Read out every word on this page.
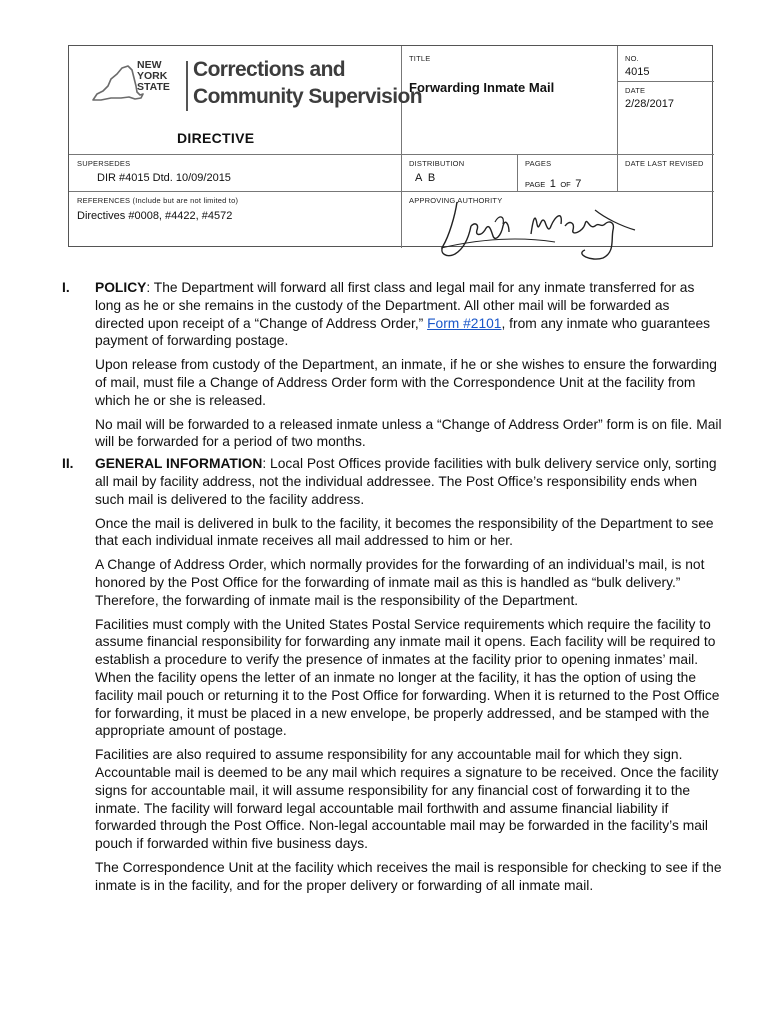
NEW
YORK
STATE
Corrections and
Community Supervision
DIRECTIVE
TITLE
Forwarding Inmate Mail
NO.
4015
DATE
2/28/2017
SUPERSEDES
DIR #4015 Dtd. 10/09/2015
DISTRIBUTION
A  B
PAGES
PAGE 1 OF 7
DATE LAST REVISED
REFERENCES (Include but are not limited to)
Directives #0008, #4422, #4572
APPROVING AUTHORITY
I. POLICY: The Department will forward all first class and legal mail for any inmate transferred for as long as he or she remains in the custody of the Department. All other mail will be forwarded as directed upon receipt of a “Change of Address Order,” Form #2101, from any inmate who guarantees payment of forwarding postage.

Upon release from custody of the Department, an inmate, if he or she wishes to ensure the forwarding of mail, must file a Change of Address Order form with the Correspondence Unit at the facility from which he or she is released.

No mail will be forwarded to a released inmate unless a “Change of Address Order” form is on file. Mail will be forwarded for a period of two months.

II. GENERAL INFORMATION: Local Post Offices provide facilities with bulk delivery service only, sorting all mail by facility address, not the individual addressee. The Post Office’s responsibility ends when such mail is delivered to the facility address.

Once the mail is delivered in bulk to the facility, it becomes the responsibility of the Department to see that each individual inmate receives all mail addressed to him or her.

A Change of Address Order, which normally provides for the forwarding of an individual’s mail, is not honored by the Post Office for the forwarding of inmate mail as this is handled as “bulk delivery.” Therefore, the forwarding of inmate mail is the responsibility of the Department.

Facilities must comply with the United States Postal Service requirements which require the facility to assume financial responsibility for forwarding any inmate mail it opens. Each facility will be required to establish a procedure to verify the presence of inmates at the facility prior to opening inmates’ mail. When the facility opens the letter of an inmate no longer at the facility, it has the option of using the facility mail pouch or returning it to the Post Office for forwarding. When it is returned to the Post Office for forwarding, it must be placed in a new envelope, be properly addressed, and be stamped with the appropriate amount of postage.

Facilities are also required to assume responsibility for any accountable mail for which they sign. Accountable mail is deemed to be any mail which requires a signature to be received. Once the facility signs for accountable mail, it will assume responsibility for any financial cost of forwarding it to the inmate. The facility will forward legal accountable mail forthwith and assume financial liability if forwarded through the Post Office. Non-legal accountable mail may be forwarded in the facility’s mail pouch if forwarded within five business days.

The Correspondence Unit at the facility which receives the mail is responsible for checking to see if the inmate is in the facility, and for the proper delivery or forwarding of all inmate mail.
